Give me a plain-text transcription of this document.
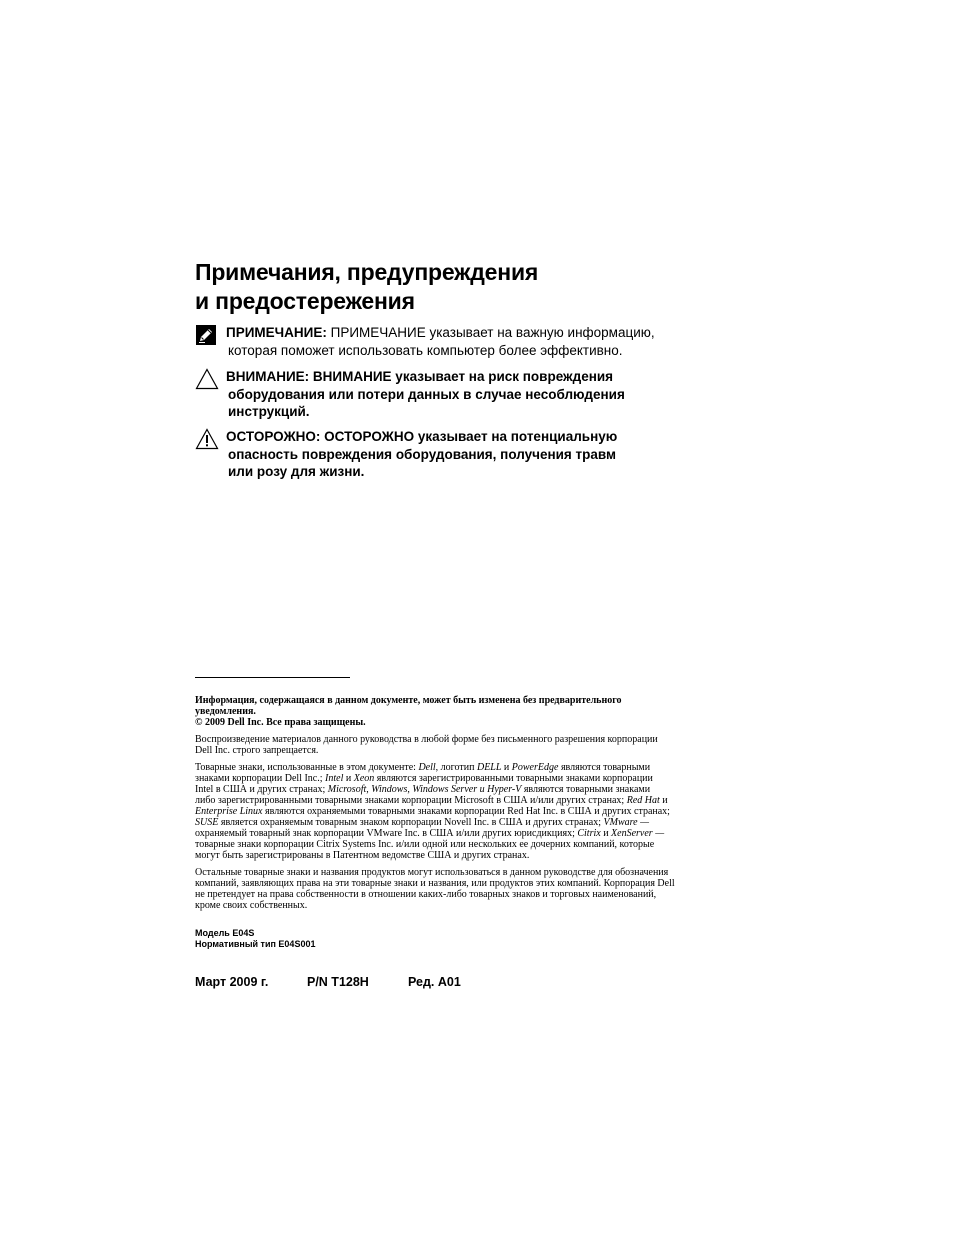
Примечания, предупреждения
и предостережения
ПРИМЕЧАНИЕ: ПРИМЕЧАНИЕ указывает на важную информацию,
которая поможет использовать компьютер более эффективно.
ВНИМАНИЕ: ВНИМАНИЕ указывает на риск повреждения
оборудования или потери данных в случае несоблюдения
инструкций.
ОСТОРОЖНО: ОСТОРОЖНО указывает на потенциальную
опасность повреждения оборудования, получения травм
или розу для жизни.
Информация, содержащаяся в данном документе, может быть изменена без предварительного
уведомления.
© 2009 Dell Inc. Все права защищены.
Воспроизведение материалов данного руководства в любой форме без письменного разрешения корпорации
Dell Inc. строго запрещается.
Товарные знаки, использованные в этом документе: Dell, логотип DELL и PowerEdge являются товарными
знаками корпорации Dell Inc.; Intel и Xeon являются зарегистрированными товарными знаками корпорации
Intel в США и других странах; Microsoft, Windows, Windows Server и Hyper-V являются товарными знаками
либо зарегистрированными товарными знаками корпорации Microsoft в США и/или других странах; Red Hat и
Enterprise Linux являются охраняемыми товарными знаками корпорации Red Hat Inc. в США и других странах;
SUSE является охраняемым товарным знаком корпорации Novell Inc. в США и других странах; VMware —
охраняемый товарный знак корпорации VMware Inc. в США и/или других юрисдикциях; Citrix и XenServer —
товарные знаки корпорации Citrix Systems Inc. и/или одной или нескольких ее дочерних компаний, которые
могут быть зарегистрированы в Патентном ведомстве США и других странах.
Остальные товарные знаки и названия продуктов могут использоваться в данном руководстве для обозначения
компаний, заявляющих права на эти товарные знаки и названия, или продуктов этих компаний. Корпорация Dell
не претендует на права собственности в отношении каких-либо товарных знаков и торговых наименований,
кроме своих собственных.
Модель E04S
Нормативный тип E04S001
Март 2009 г.	P/N T128H	Ред. A01
